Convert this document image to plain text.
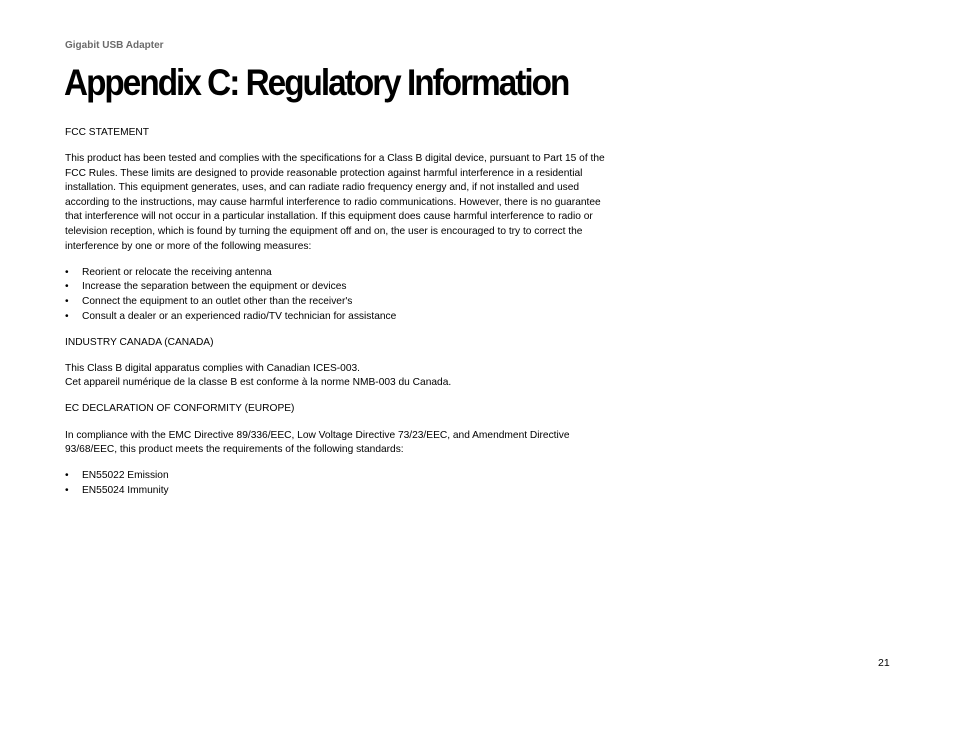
Gigabit USB Adapter
Appendix C: Regulatory Information
FCC STATEMENT

This product has been tested and complies with the specifications for a Class B digital device, pursuant to Part 15 of the FCC Rules. These limits are designed to provide reasonable protection against harmful interference in a residential installation. This equipment generates, uses, and can radiate radio frequency energy and, if not installed and used according to the instructions, may cause harmful interference to radio communications. However, there is no guarantee that interference will not occur in a particular installation. If this equipment does cause harmful interference to radio or television reception, which is found by turning the equipment off and on, the user is encouraged to try to correct the interference by one or more of the following measures:

• Reorient or relocate the receiving antenna
• Increase the separation between the equipment or devices
• Connect the equipment to an outlet other than the receiver's
• Consult a dealer or an experienced radio/TV technician for assistance
INDUSTRY CANADA (CANADA)

This Class B digital apparatus complies with Canadian ICES-003.
Cet appareil numérique de la classe B est conforme à la norme NMB-003 du Canada.

EC DECLARATION OF CONFORMITY (EUROPE)

In compliance with the EMC Directive 89/336/EEC, Low Voltage Directive 73/23/EEC, and Amendment Directive 93/68/EEC, this product meets the requirements of the following standards:

• EN55022 Emission
• EN55024 Immunity
21
